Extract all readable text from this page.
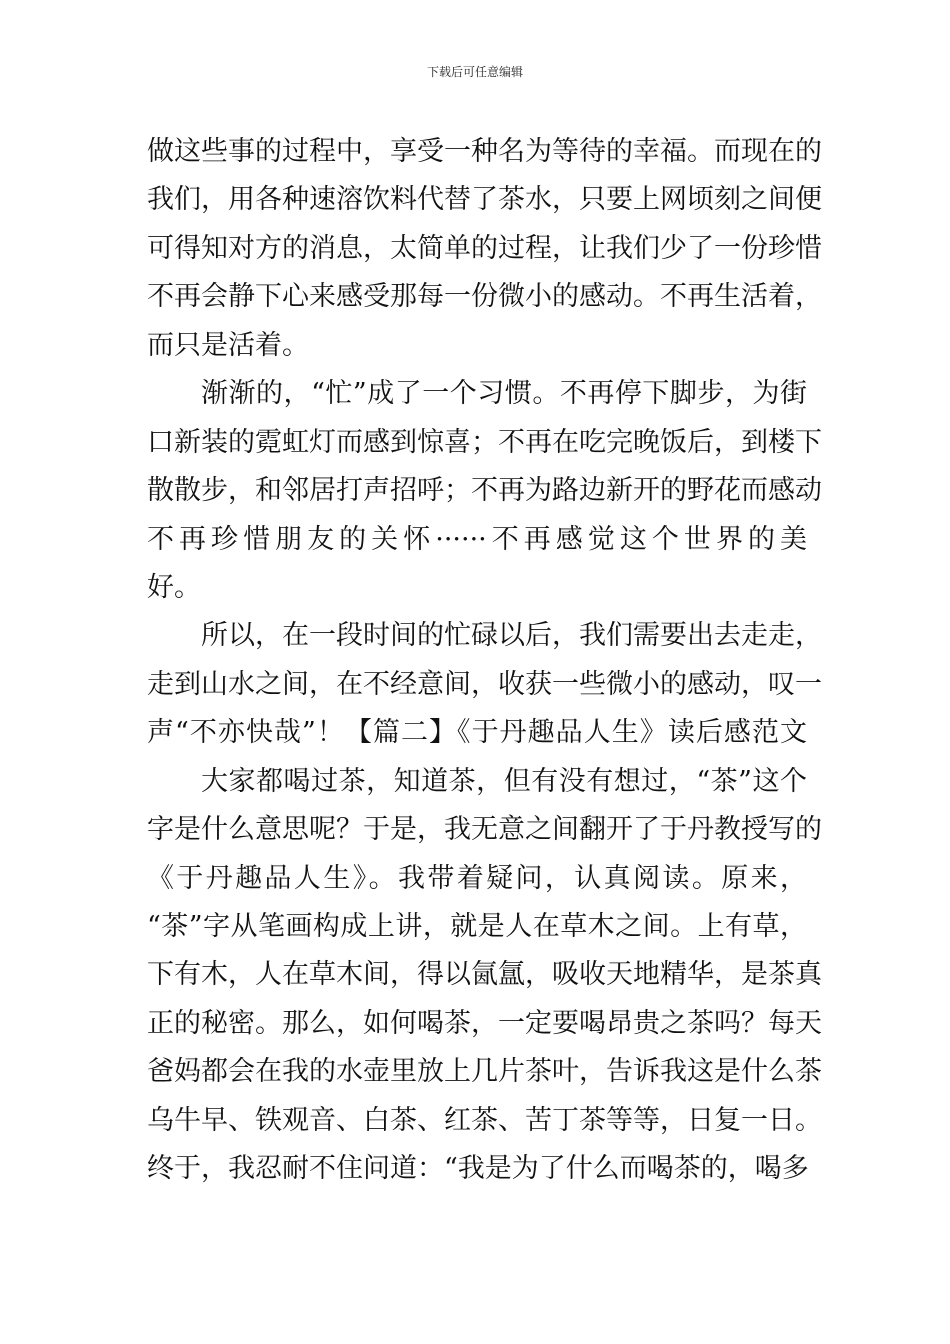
下载后可任意编辑
做这些事的过程中，享受一种名为等待的幸福。而现在的
我们，用各种速溶饮料代替了茶水，只要上网顷刻之间便
可得知对方的消息，太简单的过程，让我们少了一份珍惜
不再会静下心来感受那每一份微小的感动。不再生活着，
而只是活着。
渐渐的，“忙”成了一个习惯。不再停下脚步，为街
口新装的霓虹灯而感到惊喜；不再在吃完晚饭后，到楼下
散散步，和邻居打声招呼；不再为路边新开的野花而感动
不再珍惜朋友的关怀······不再感觉这个世界的美
好。
所以，在一段时间的忙碌以后，我们需要出去走走，
走到山水之间，在不经意间，收获一些微小的感动，叹一
声“不亦快哉”！【篇二】《于丹趣品人生》读后感范文
大家都喝过茶，知道茶，但有没有想过，“茶”这个
字是什么意思呢？于是，我无意之间翻开了于丹教授写的
《于丹趣品人生》。我带着疑问，认真阅读。原来，
“茶”字从笔画构成上讲，就是人在草木之间。上有草，
下有木，人在草木间，得以氤氲，吸收天地精华，是茶真
正的秘密。那么，如何喝茶，一定要喝昂贵之茶吗？每天
爸妈都会在我的水壶里放上几片茶叶，告诉我这是什么茶
乌牛早、铁观音、白茶、红茶、苦丁茶等等，日复一日。
终于，我忍耐不住问道：“我是为了什么而喝茶的，喝多
